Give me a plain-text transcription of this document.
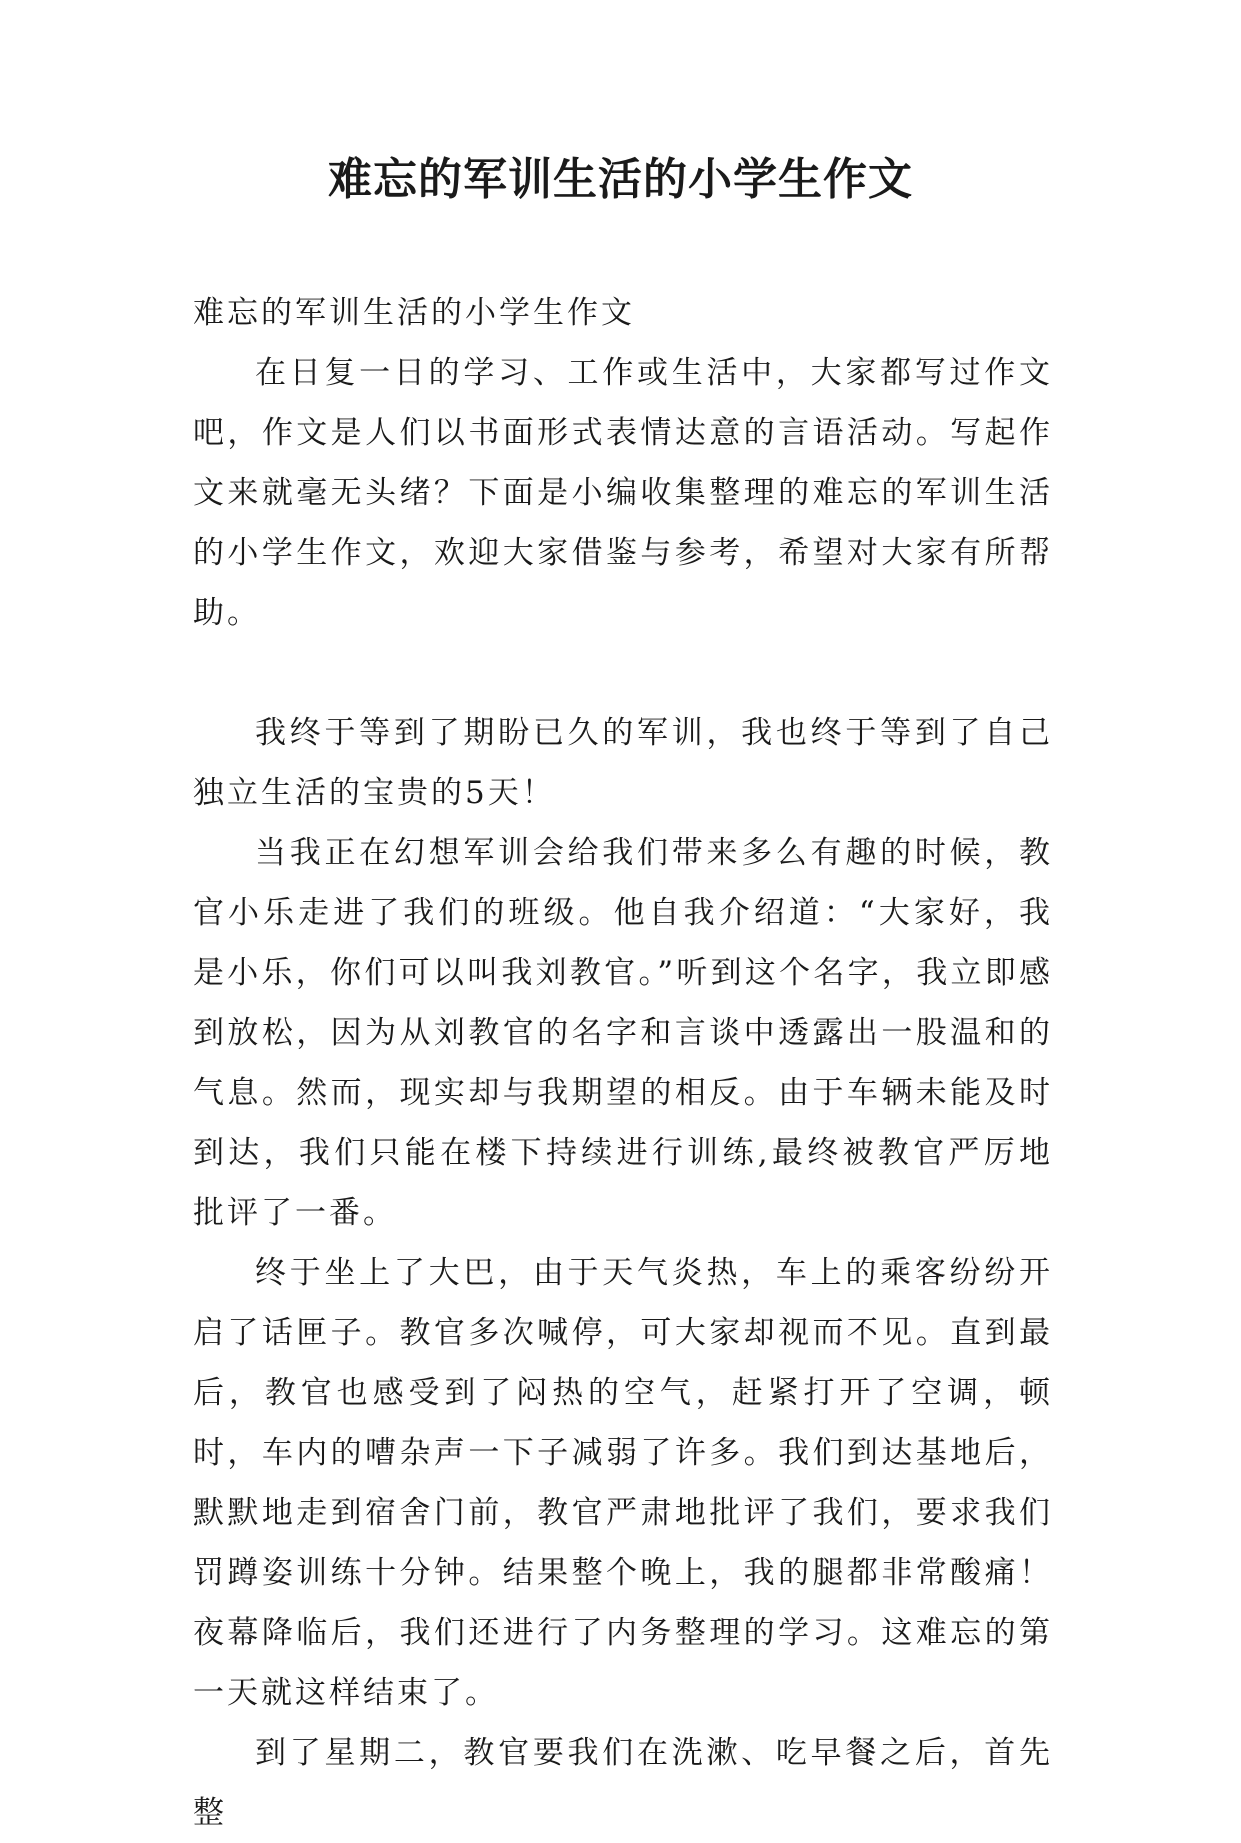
难忘的军训生活的小学生作文

难忘的军训生活的小学生作文

在日复一日的学习、工作或生活中，大家都写过作文吧，作文是人们以书面形式表情达意的言语活动。写起作文来就毫无头绪？下面是小编收集整理的难忘的军训生活的小学生作文，欢迎大家借鉴与参考，希望对大家有所帮助。

我终于等到了期盼已久的军训，我也终于等到了自己独立生活的宝贵的5天！

当我正在幻想军训会给我们带来多么有趣的时候，教官小乐走进了我们的班级。他自我介绍道：“大家好，我是小乐，你们可以叫我刘教官。”听到这个名字，我立即感到放松，因为从刘教官的名字和言谈中透露出一股温和的气息。然而，现实却与我期望的相反。由于车辆未能及时到达，我们只能在楼下持续进行训练,最终被教官严厉地批评了一番。

终于坐上了大巴，由于天气炎热，车上的乘客纷纷开启了话匣子。教官多次喊停，可大家却视而不见。直到最后，教官也感受到了闷热的空气，赶紧打开了空调，顿时，车内的嘈杂声一下子减弱了许多。我们到达基地后，默默地走到宿舍门前，教官严肃地批评了我们，要求我们罚蹲姿训练十分钟。结果整个晚上，我的腿都非常酸痛！夜幕降临后，我们还进行了内务整理的学习。这难忘的第一天就这样结束了。

到了星期二，教官要我们在洗漱、吃早餐之后，首先整
